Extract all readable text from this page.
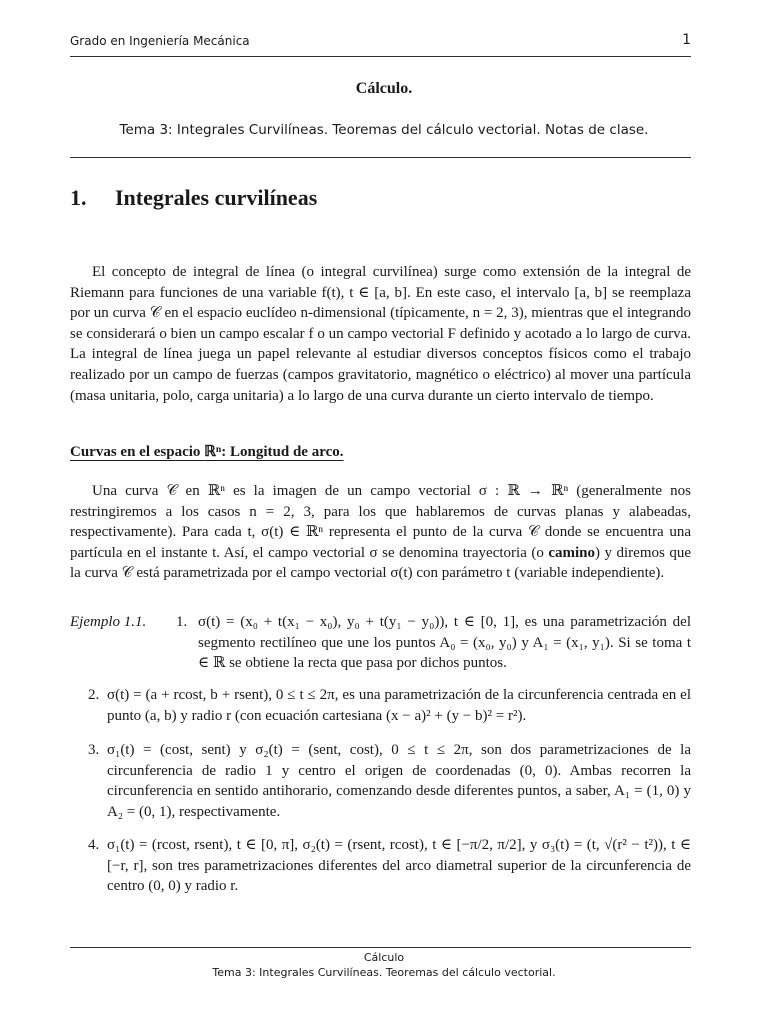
Grado en Ingeniería Mecánica	1
Cálculo.
Tema 3: Integrales Curvilíneas. Teoremas del cálculo vectorial. Notas de clase.
1. Integrales curvilíneas
El concepto de integral de línea (o integral curvilínea) surge como extensión de la integral de Riemann para funciones de una variable f(t), t ∈ [a, b]. En este caso, el intervalo [a, b] se reemplaza por un curva 𝒞 en el espacio euclídeo n-dimensional (típicamente, n = 2, 3), mientras que el integrando se considerará o bien un campo escalar f o un campo vectorial F definido y acotado a lo largo de curva. La integral de línea juega un papel relevante al estudiar diversos conceptos físicos como el trabajo realizado por un campo de fuerzas (campos gravitatorio, magnético o eléctrico) al mover una partícula (masa unitaria, polo, carga unitaria) a lo largo de una curva durante un cierto intervalo de tiempo.
Curvas en el espacio ℝⁿ: Longitud de arco.
Una curva 𝒞 en ℝⁿ es la imagen de un campo vectorial σ : ℝ → ℝⁿ (generalmente nos restringiremos a los casos n = 2, 3, para los que hablaremos de curvas planas y alabeadas, respectivamente). Para cada t, σ(t) ∈ ℝⁿ representa el punto de la curva 𝒞 donde se encuentra una partícula en el instante t. Así, el campo vectorial σ se denomina trayectoria (o camino) y diremos que la curva 𝒞 está parametrizada por el campo vectorial σ(t) con parámetro t (variable independiente).
Ejemplo 1.1. 1. σ(t) = (x₀ + t(x₁ − x₀), y₀ + t(y₁ − y₀)), t ∈ [0, 1], es una parametrización del segmento rectilíneo que une los puntos A₀ = (x₀, y₀) y A₁ = (x₁, y₁). Si se toma t ∈ ℝ se obtiene la recta que pasa por dichos puntos.
2. σ(t) = (a + rcost, b + rsent), 0 ≤ t ≤ 2π, es una parametrización de la circunferencia centrada en el punto (a, b) y radio r (con ecuación cartesiana (x − a)² + (y − b)² = r²).
3. σ₁(t) = (cost, sent) y σ₂(t) = (sent, cost), 0 ≤ t ≤ 2π, son dos parametrizaciones de la circunferencia de radio 1 y centro el origen de coordenadas (0, 0). Ambas recorren la circunferencia en sentido antihorario, comenzando desde diferentes puntos, a saber, A₁ = (1, 0) y A₂ = (0, 1), respectivamente.
4. σ₁(t) = (rcost, rsent), t ∈ [0, π], σ₂(t) = (rsent, rcost), t ∈ [−π/2, π/2], y σ₃(t) = (t, √(r² − t²)), t ∈ [−r, r], son tres parametrizaciones diferentes del arco diametral superior de la circunferencia de centro (0, 0) y radio r.
Cálculo
Tema 3: Integrales Curvilíneas. Teoremas del cálculo vectorial.
